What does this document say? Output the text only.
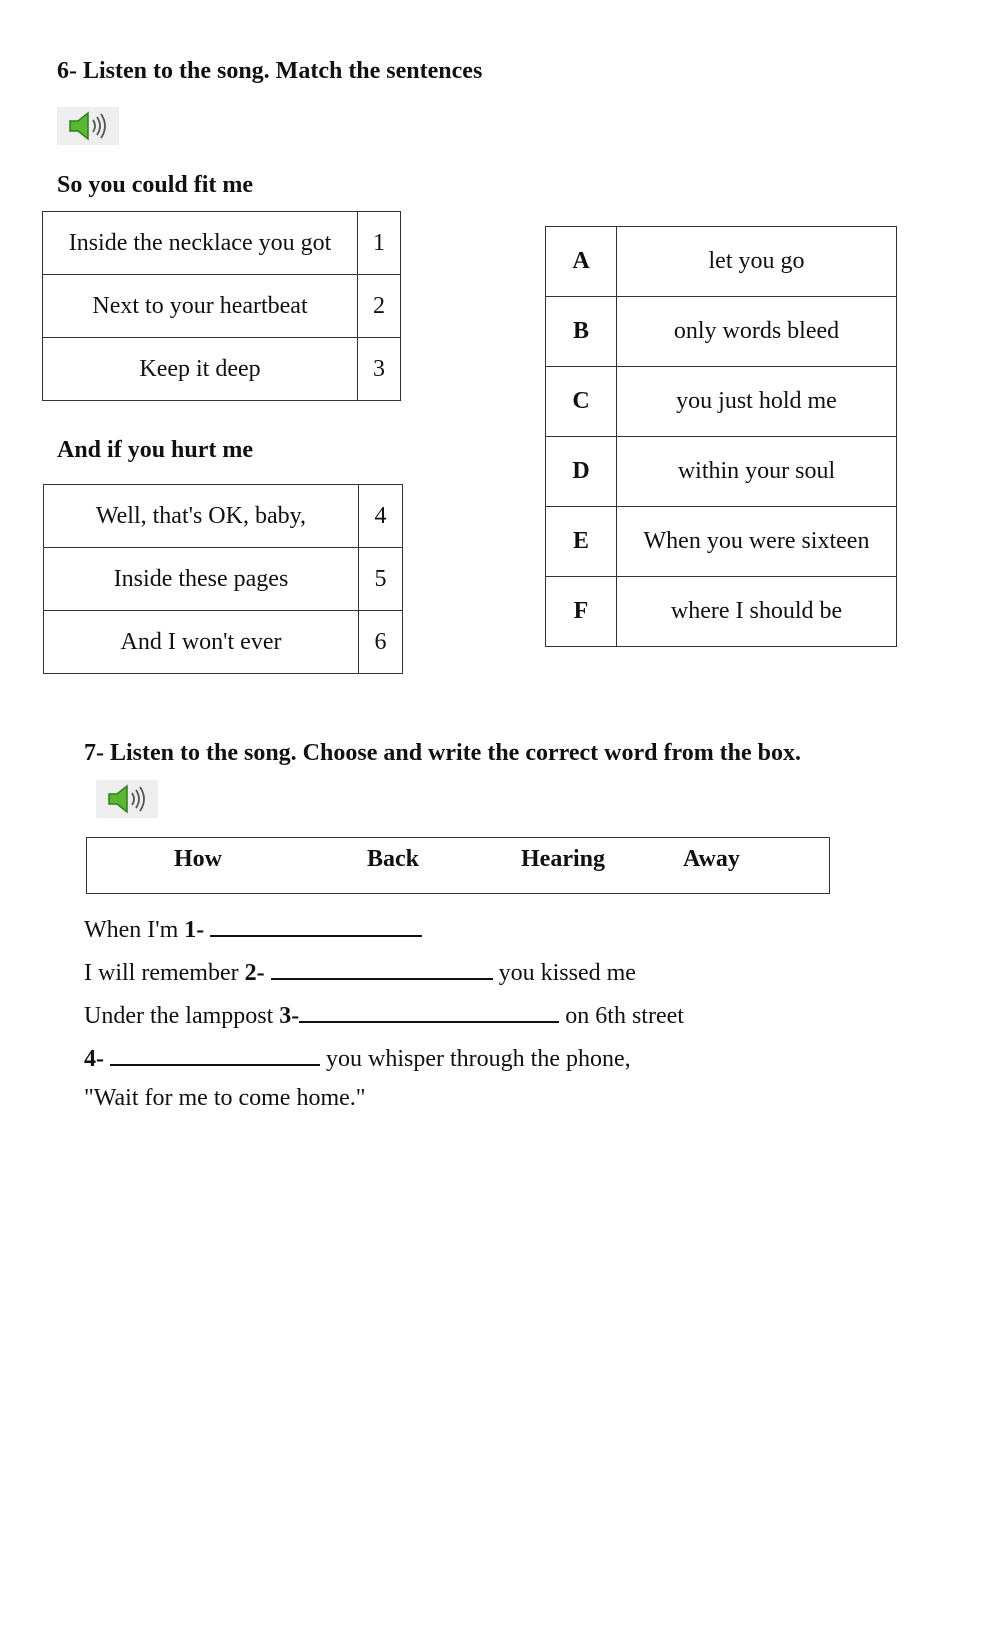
6- Listen to the song. Match the sentences
So you could fit me
Inside the necklace you got	1
Next to your heartbeat	2
Keep it deep	3
And if you hurt me
Well, that's OK, baby,	4
Inside these pages	5
And I won't ever	6
A	let you go
B	only words bleed
C	you just hold me
D	within your soul
E	When you were sixteen
F	where I should be
7- Listen to the song. Choose and write the correct word from the box.
How	Back	Hearing	Away
When I'm 1-
I will remember 2-	you kissed me
Under the lamppost 3-	on 6th street
4-	you whisper through the phone,
"Wait for me to come home."
